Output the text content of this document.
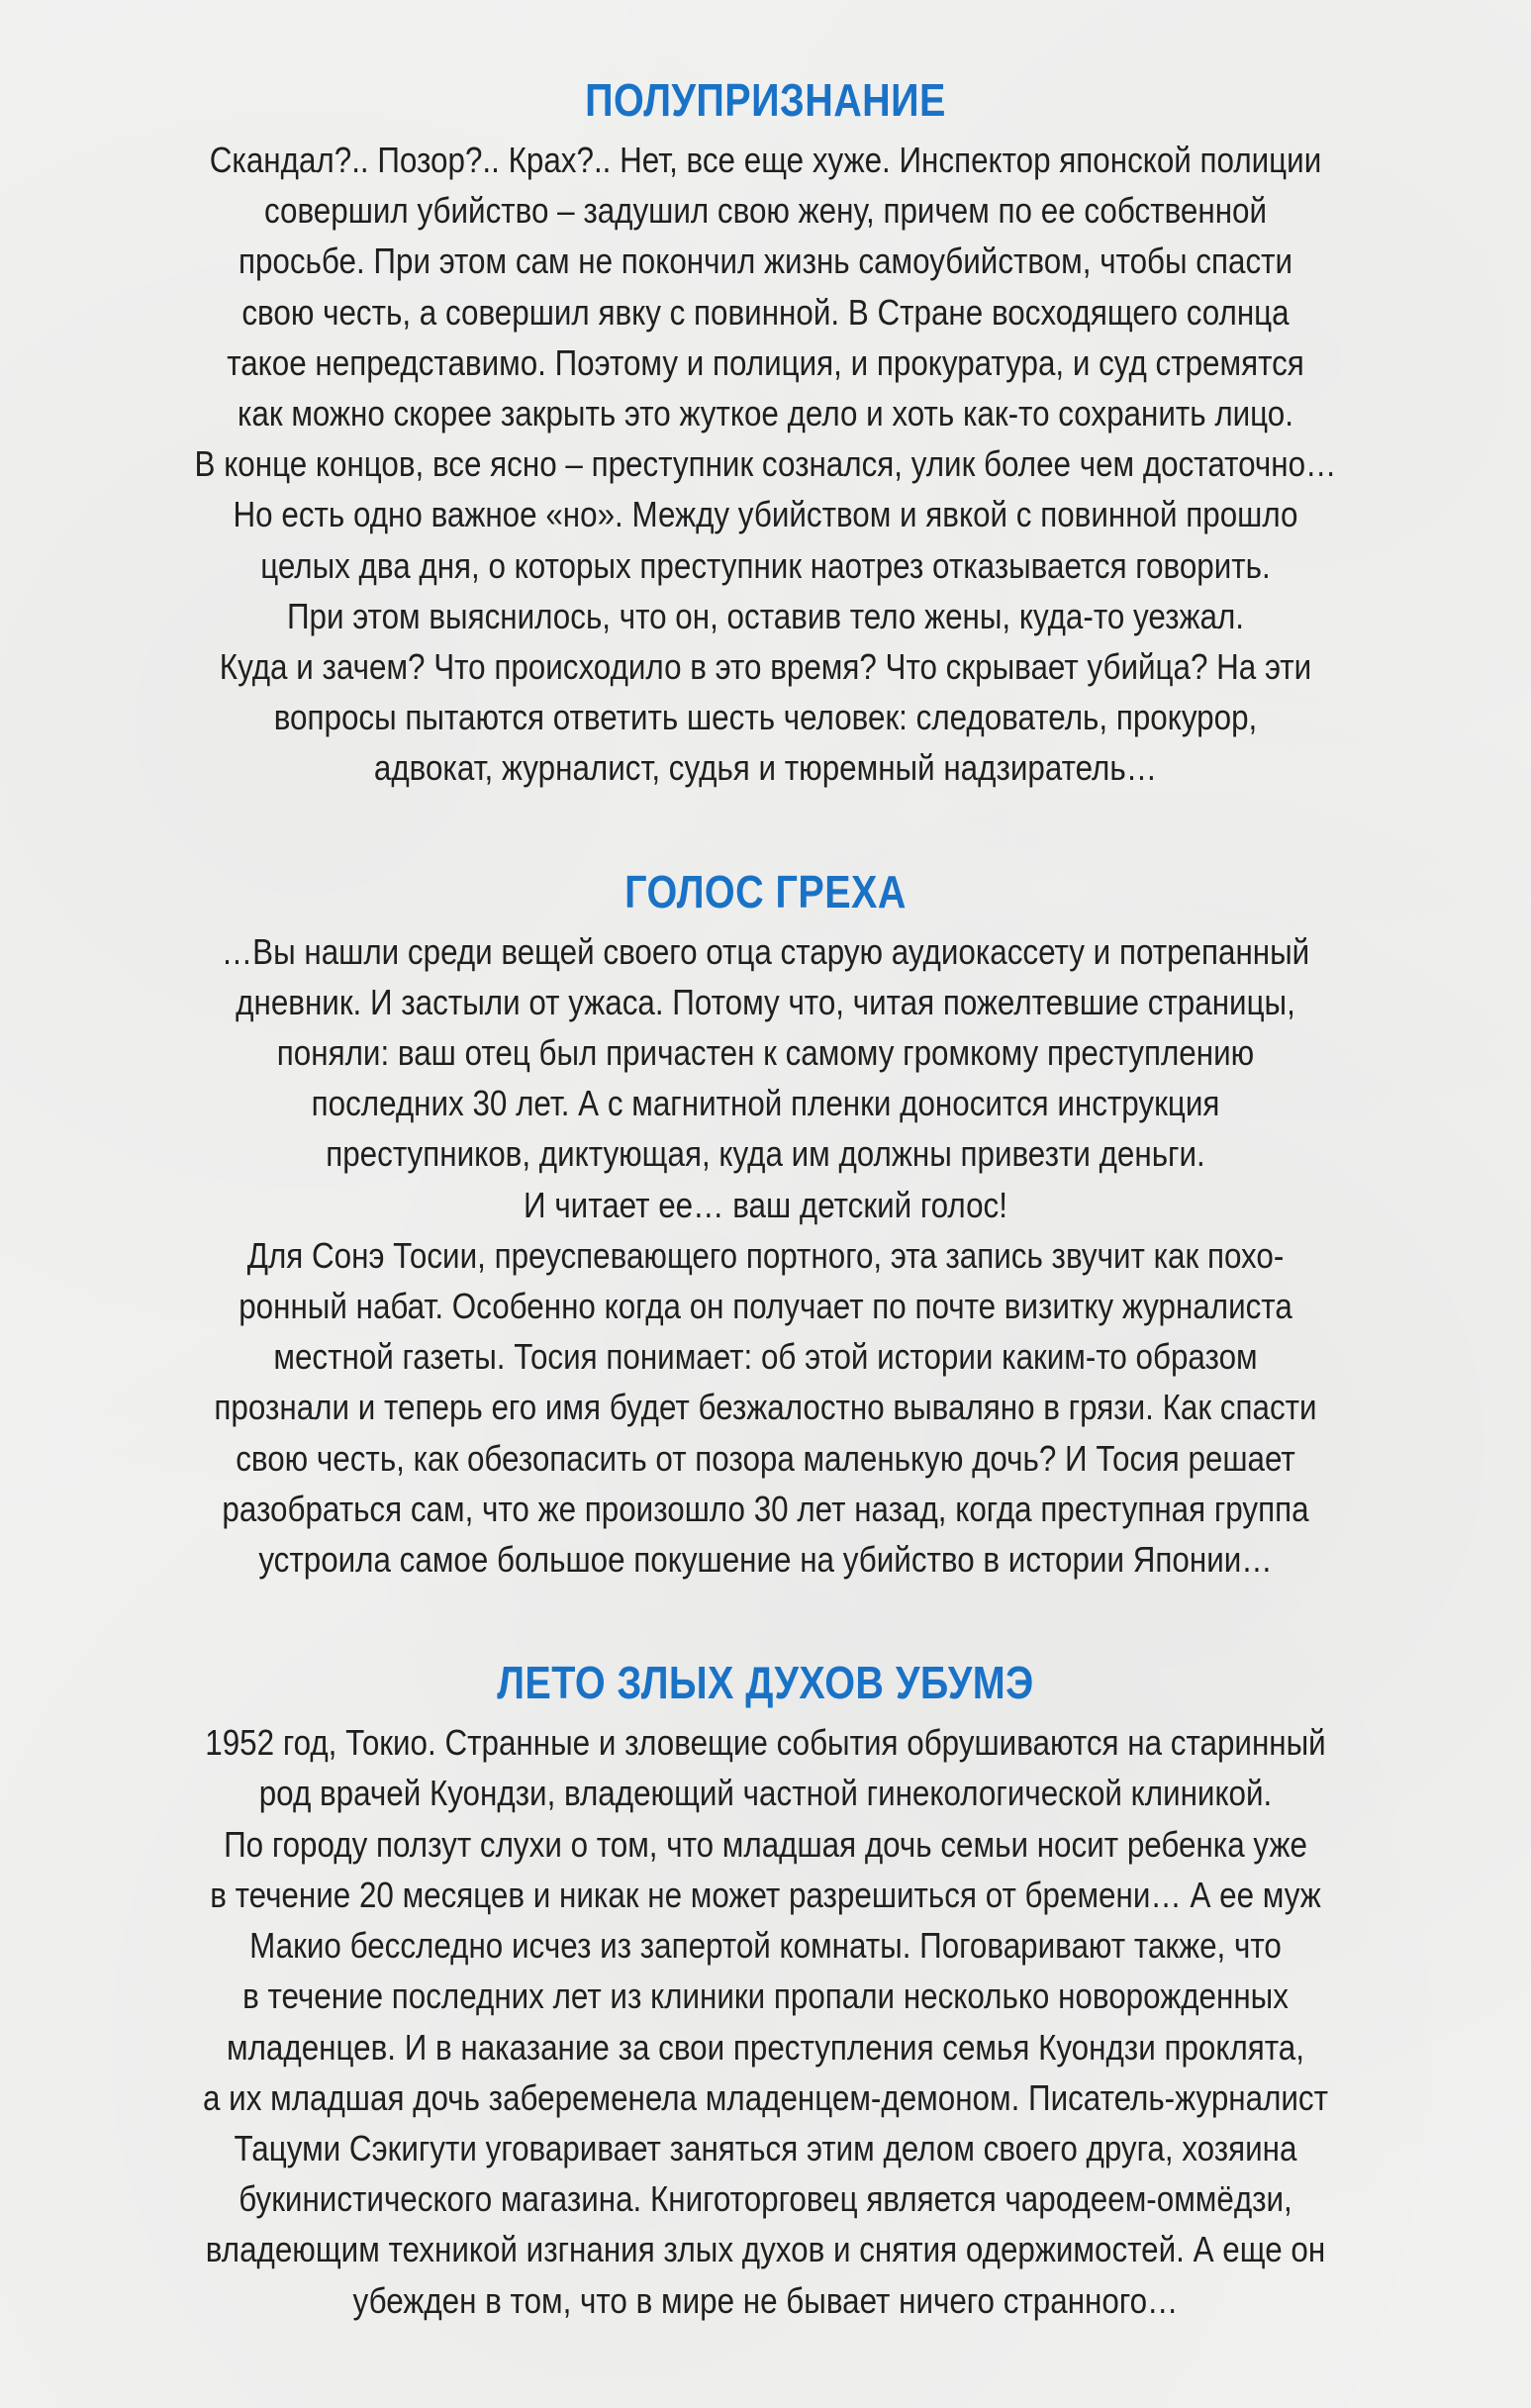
ПОЛУПРИЗНАНИЕ
Скандал?.. Позор?.. Крах?.. Нет, все еще хуже. Инспектор японской полиции
совершил убийство – задушил свою жену, причем по ее собственной
просьбе. При этом сам не покончил жизнь самоубийством, чтобы спасти
свою честь, а совершил явку с повинной. В Стране восходящего солнца
такое непредставимо. Поэтому и полиция, и прокуратура, и суд стремятся
как можно скорее закрыть это жуткое дело и хоть как-то сохранить лицо.
В конце концов, все ясно – преступник сознался, улик более чем достаточно…
Но есть одно важное «но». Между убийством и явкой с повинной прошло
целых два дня, о которых преступник наотрез отказывается говорить.
При этом выяснилось, что он, оставив тело жены, куда-то уезжал.
Куда и зачем? Что происходило в это время? Что скрывает убийца? На эти
вопросы пытаются ответить шесть человек: следователь, прокурор,
адвокат, журналист, судья и тюремный надзиратель…
ГОЛОС ГРЕХА
…Вы нашли среди вещей своего отца старую аудиокассету и потрепанный
дневник. И застыли от ужаса. Потому что, читая пожелтевшие страницы,
поняли: ваш отец был причастен к самому громкому преступлению
последних 30 лет. А с магнитной пленки доносится инструкция
преступников, диктующая, куда им должны привезти деньги.
И читает ее… ваш детский голос!
Для Сонэ Тосии, преуспевающего портного, эта запись звучит как похо-
ронный набат. Особенно когда он получает по почте визитку журналиста
местной газеты. Тосия понимает: об этой истории каким-то образом
прознали и теперь его имя будет безжалостно вываляно в грязи. Как спасти
свою честь, как обезопасить от позора маленькую дочь? И Тосия решает
разобраться сам, что же произошло 30 лет назад, когда преступная группа
устроила самое большое покушение на убийство в истории Японии…
ЛЕТО ЗЛЫХ ДУХОВ УБУМЭ
1952 год, Токио. Странные и зловещие события обрушиваются на старинный
род врачей Куондзи, владеющий частной гинекологической клиникой.
По городу ползут слухи о том, что младшая дочь семьи носит ребенка уже
в течение 20 месяцев и никак не может разрешиться от бремени… А ее муж
Макио бесследно исчез из запертой комнаты. Поговаривают также, что
в течение последних лет из клиники пропали несколько новорожденных
младенцев. И в наказание за свои преступления семья Куондзи проклята,
а их младшая дочь забеременела младенцем-демоном. Писатель-журналист
Тацуми Сэкигути уговаривает заняться этим делом своего друга, хозяина
букинистического магазина. Книготорговец является чародеем-оммёдзи,
владеющим техникой изгнания злых духов и снятия одержимостей. А еще он
убежден в том, что в мире не бывает ничего странного…
